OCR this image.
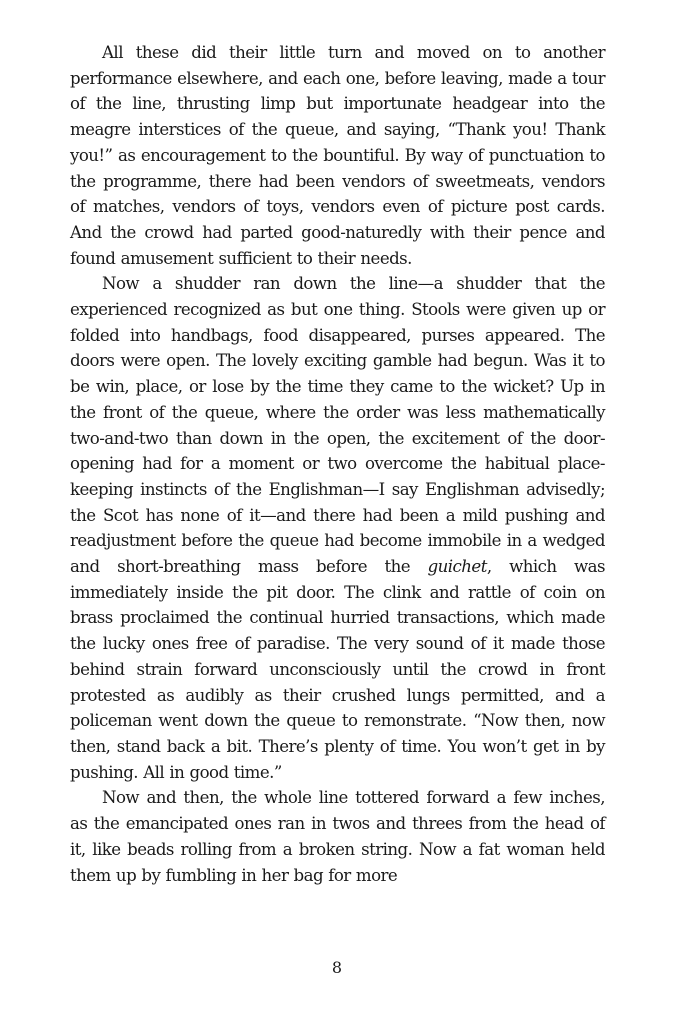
All these did their little turn and moved on to another performance elsewhere, and each one, before leaving, made a tour of the line, thrusting limp but importunate headgear into the meagre interstices of the queue, and saying, “Thank you! Thank you!” as encouragement to the bountiful. By way of punctuation to the programme, there had been vendors of sweetmeats, vendors of matches, vendors of toys, vendors even of picture post cards. And the crowd had parted good-naturedly with their pence and found amusement sufficient to their needs.

Now a shudder ran down the line—a shudder that the experienced recognized as but one thing. Stools were given up or folded into handbags, food disappeared, purses appeared. The doors were open. The lovely exciting gamble had begun. Was it to be win, place, or lose by the time they came to the wicket? Up in the front of the queue, where the order was less mathematically two-and-two than down in the open, the excitement of the door-opening had for a moment or two overcome the habitual place-keeping instincts of the Englishman—I say Englishman advisedly; the Scot has none of it—and there had been a mild pushing and readjustment before the queue had become immobile in a wedged and short-breathing mass before the guichet, which was immediately inside the pit door. The clink and rattle of coin on brass proclaimed the continual hurried transactions, which made the lucky ones free of paradise. The very sound of it made those behind strain forward unconsciously until the crowd in front protested as audibly as their crushed lungs permitted, and a policeman went down the queue to remonstrate. “Now then, now then, stand back a bit. There’s plenty of time. You won’t get in by pushing. All in good time.”

Now and then, the whole line tottered forward a few inches, as the emancipated ones ran in twos and threes from the head of it, like beads rolling from a broken string. Now a fat woman held them up by fumbling in her bag for more

8
